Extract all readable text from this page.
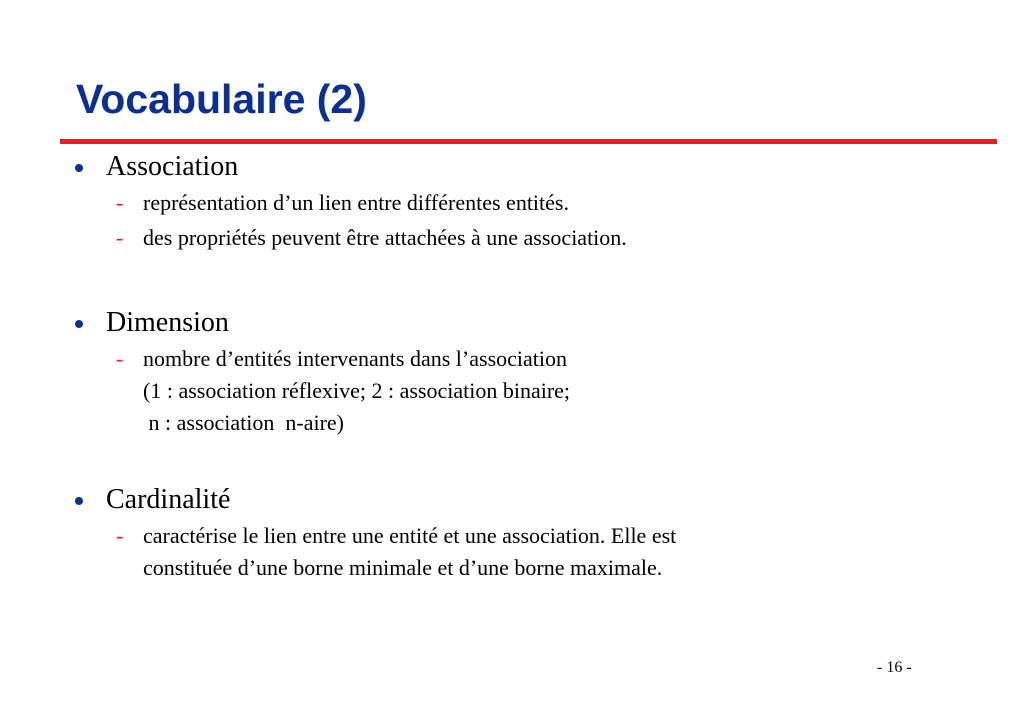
Vocabulaire (2)
Association
- représentation d’un lien entre différentes entités.
- des propriétés peuvent être attachées à une association.
Dimension
- nombre d’entités intervenants dans l’association
(1 : association réflexive; 2 : association binaire;
n : association  n-aire)
Cardinalité
- caractérise le lien entre une entité et une association. Elle est
constituée d’une borne minimale et d’une borne maximale.
- 16 -
